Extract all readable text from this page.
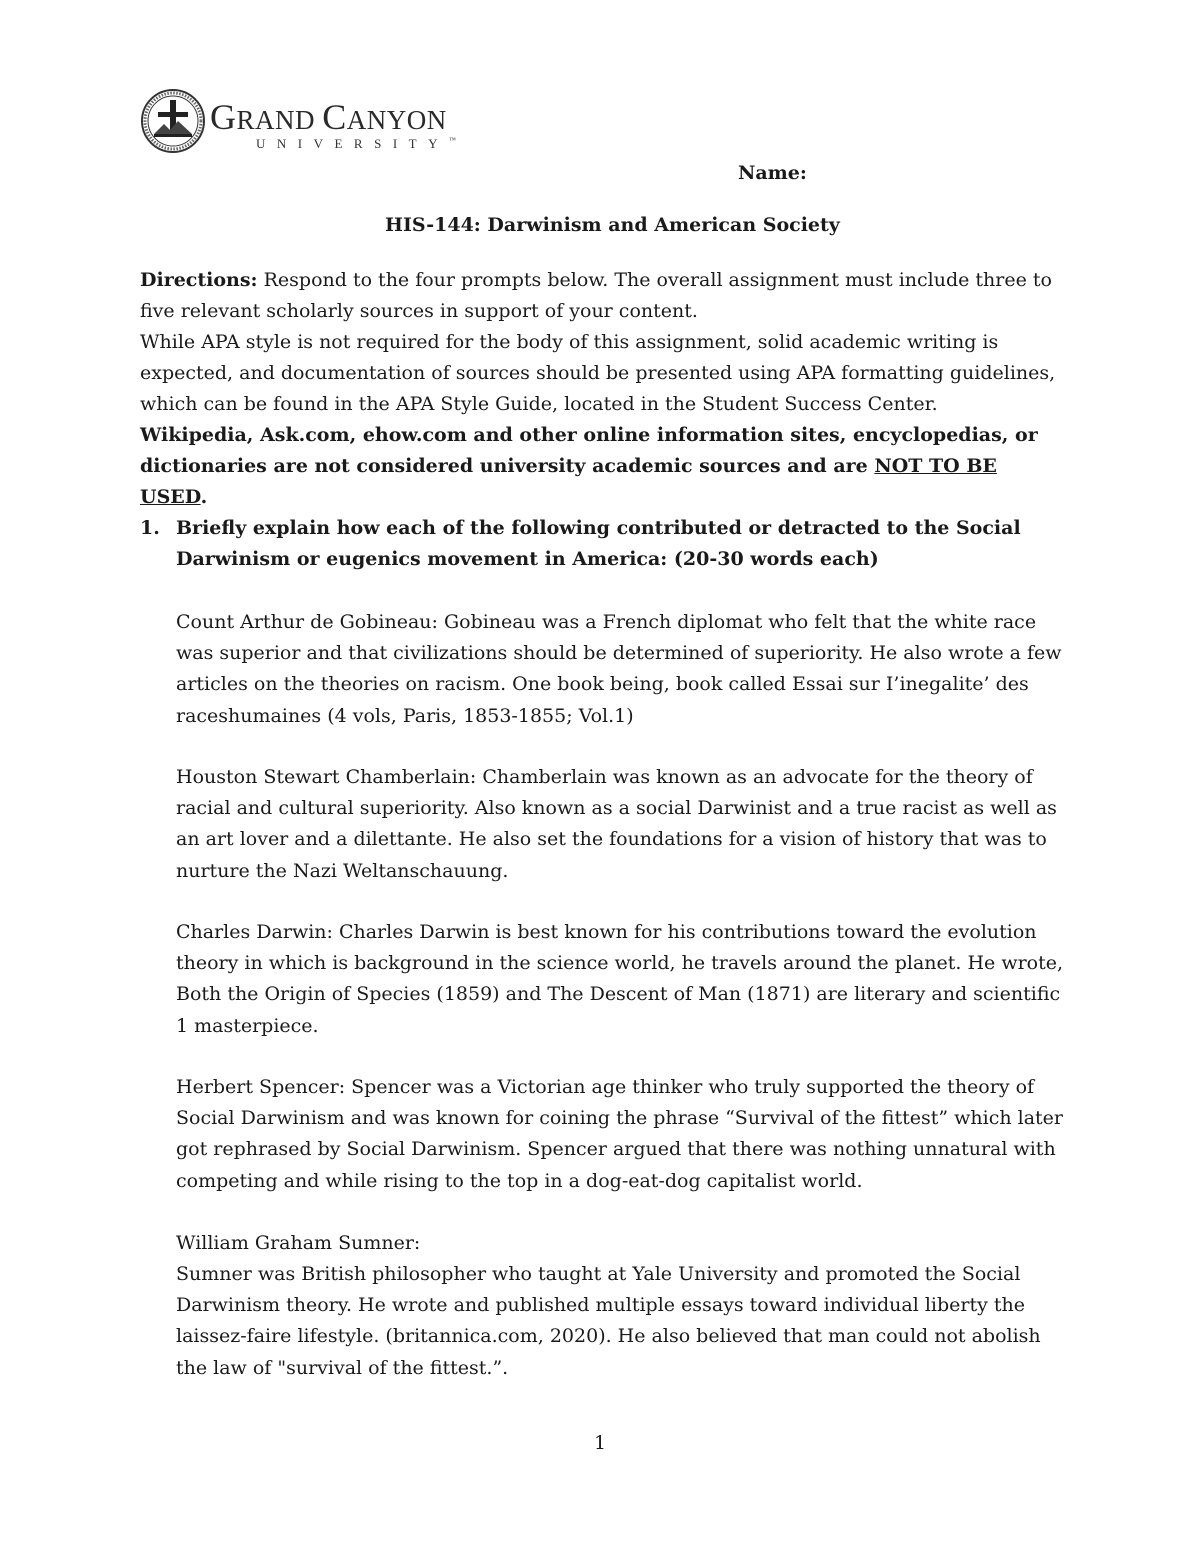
GRAND CANYON
UNIVERSITY™
Name:
HIS-144: Darwinism and American Society
Directions: Respond to the four prompts below. The overall assignment must include three to five relevant scholarly sources in support of your content.
While APA style is not required for the body of this assignment, solid academic writing is expected, and documentation of sources should be presented using APA formatting guidelines, which can be found in the APA Style Guide, located in the Student Success Center.
Wikipedia, Ask.com, ehow.com and other online information sites, encyclopedias, or dictionaries are not considered university academic sources and are NOT TO BE USED.
1. Briefly explain how each of the following contributed or detracted to the Social Darwinism or eugenics movement in America: (20-30 words each)
Count Arthur de Gobineau: Gobineau was a French diplomat who felt that the white race was superior and that civilizations should be determined of superiority. He also wrote a few articles on the theories on racism. One book being, book called Essai sur I’inegalite’ des raceshumaines (4 vols, Paris, 1853-1855; Vol.1)
Houston Stewart Chamberlain: Chamberlain was known as an advocate for the theory of racial and cultural superiority. Also known as a social Darwinist and a true racist as well as an art lover and a dilettante. He also set the foundations for a vision of history that was to nurture the Nazi Weltanschauung.
Charles Darwin: Charles Darwin is best known for his contributions toward the evolution theory in which is background in the science world, he travels around the planet. He wrote, Both the Origin of Species (1859) and The Descent of Man (1871) are literary and scientific 1 masterpiece.
Herbert Spencer: Spencer was a Victorian age thinker who truly supported the theory of Social Darwinism and was known for coining the phrase “Survival of the fittest” which later got rephrased by Social Darwinism. Spencer argued that there was nothing unnatural with competing and while rising to the top in a dog-eat-dog capitalist world.
William Graham Sumner:
Sumner was British philosopher who taught at Yale University and promoted the Social Darwinism theory. He wrote and published multiple essays toward individual liberty the laissez-faire lifestyle. (britannica.com, 2020). He also believed that man could not abolish the law of "survival of the fittest.”.
1
